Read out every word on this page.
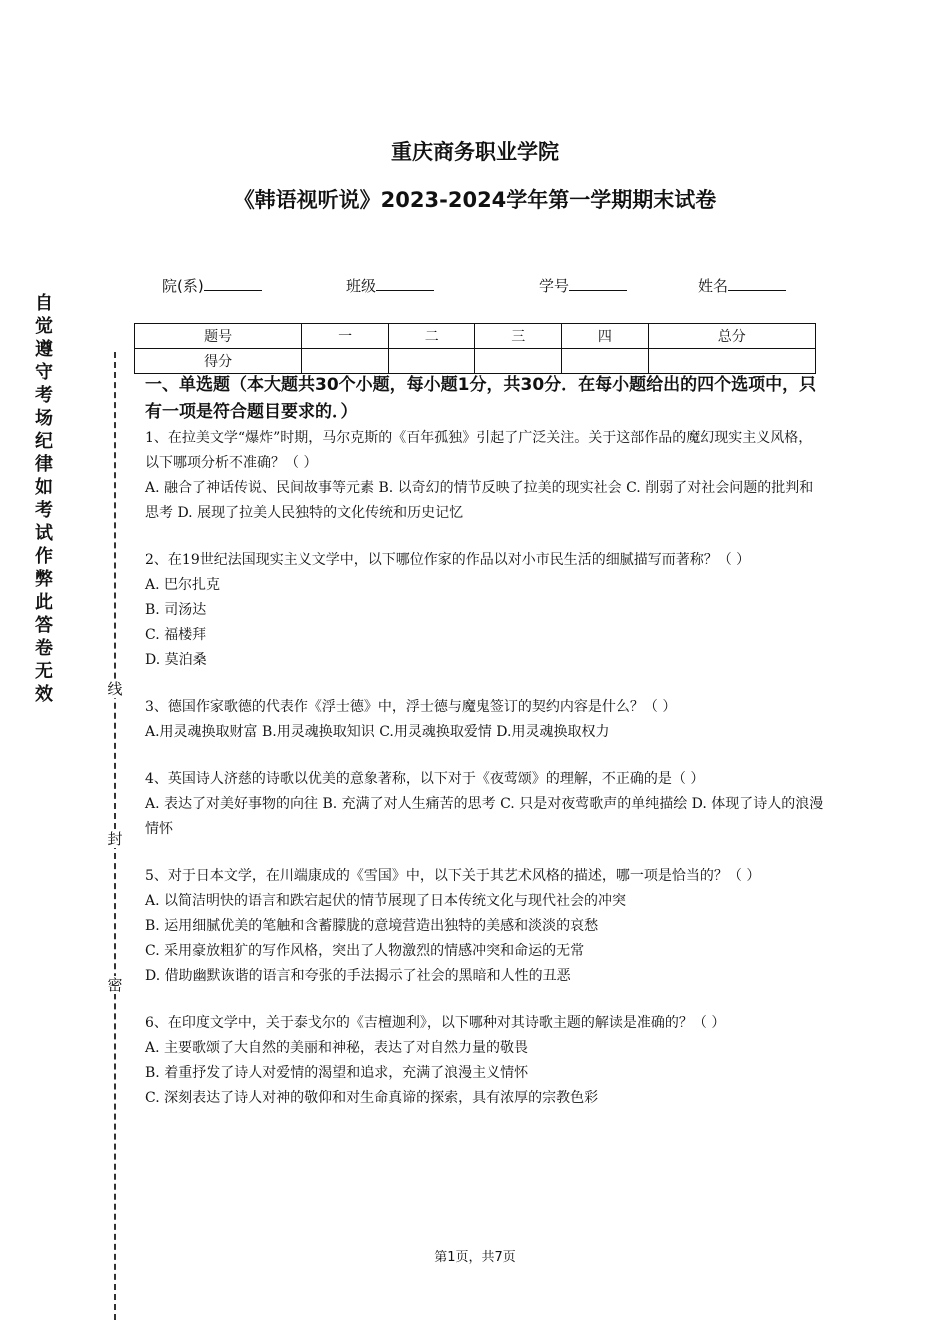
重庆商务职业学院
《韩语视听说》2023-2024学年第一学期期末试卷
院(系)	班级	学号	姓名
题号	一	二	三	四	总分
得分					
自觉遵守考场纪律如考试作弊此答卷无效	线
封
密
一、单选题（本大题共30个小题，每小题1分，共30分．在每小题给出的四个选项中，只有一项是符合题目要求的．）

1、在拉美文学“爆炸”时期，马尔克斯的《百年孤独》引起了广泛关注。关于这部作品的魔幻现实主义风格，以下哪项分析不准确？（ ）

A. 融合了神话传说、民间故事等元素 B. 以奇幻的情节反映了拉美的现实社会 C. 削弱了对社会问题的批判和思考 D. 展现了拉美人民独特的文化传统和历史记忆

2、在19世纪法国现实主义文学中，以下哪位作家的作品以对小市民生活的细腻描写而著称？（ ）

A. 巴尔扎克

B. 司汤达

C. 福楼拜

D. 莫泊桑

3、德国作家歌德的代表作《浮士德》中，浮士德与魔鬼签订的契约内容是什么？（ ）

A.用灵魂换取财富 B.用灵魂换取知识 C.用灵魂换取爱情 D.用灵魂换取权力

4、英国诗人济慈的诗歌以优美的意象著称，以下对于《夜莺颂》的理解，不正确的是（ ）

A. 表达了对美好事物的向往 B. 充满了对人生痛苦的思考 C. 只是对夜莺歌声的单纯描绘 D. 体现了诗人的浪漫情怀

5、对于日本文学，在川端康成的《雪国》中，以下关于其艺术风格的描述，哪一项是恰当的？（ ）

A. 以简洁明快的语言和跌宕起伏的情节展现了日本传统文化与现代社会的冲突

B. 运用细腻优美的笔触和含蓄朦胧的意境营造出独特的美感和淡淡的哀愁

C. 采用豪放粗犷的写作风格，突出了人物激烈的情感冲突和命运的无常

D. 借助幽默诙谐的语言和夸张的手法揭示了社会的黑暗和人性的丑恶

6、在印度文学中，关于泰戈尔的《吉檀迦利》，以下哪种对其诗歌主题的解读是准确的？（ ）

A. 主要歌颂了大自然的美丽和神秘，表达了对自然力量的敬畏

B. 着重抒发了诗人对爱情的渴望和追求，充满了浪漫主义情怀

C. 深刻表达了诗人对神的敬仰和对生命真谛的探索，具有浓厚的宗教色彩

第1页，共7页
